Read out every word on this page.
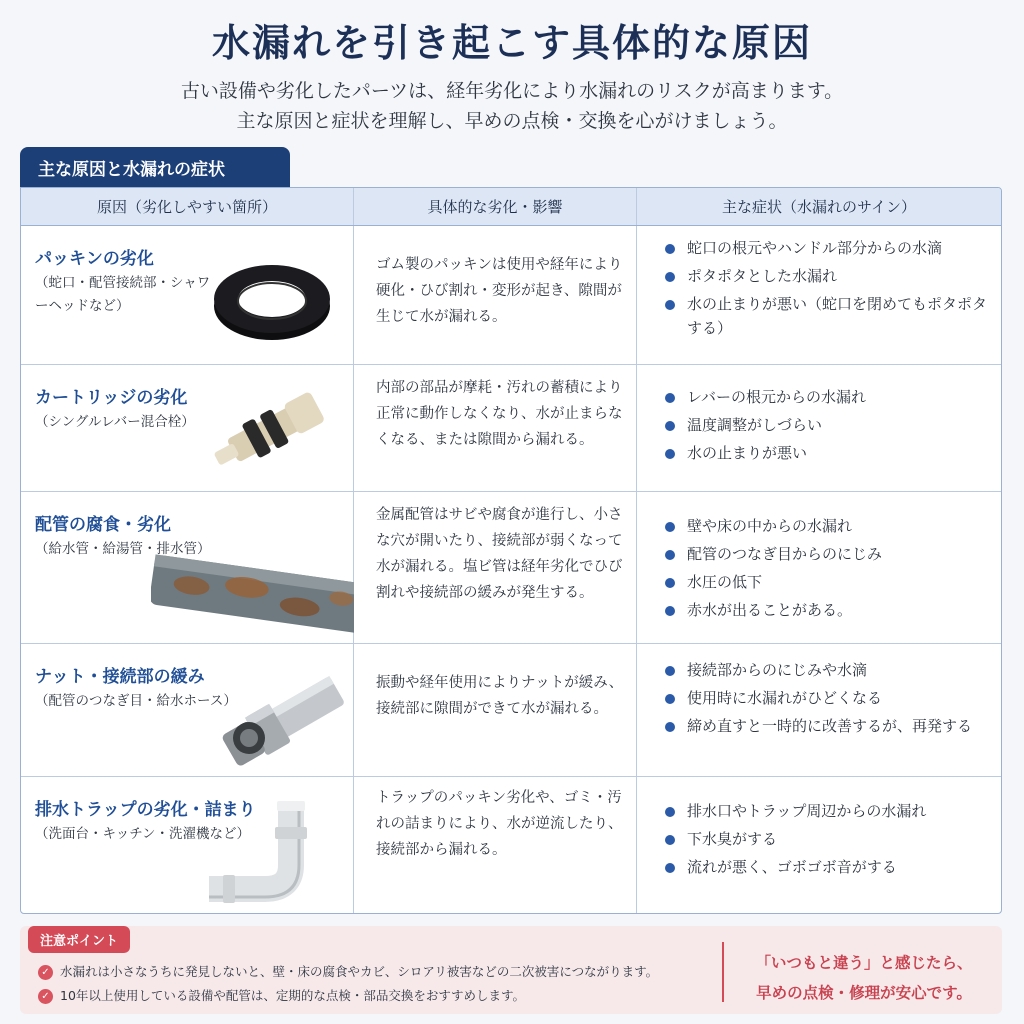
水漏れを引き起こす具体的な原因
古い設備や劣化したパーツは、経年劣化により水漏れのリスクが高まります。
主な原因と症状を理解し、早めの点検・交換を心がけましょう。
主な原因と水漏れの症状
原因（劣化しやすい箇所）	具体的な劣化・影響	主な症状（水漏れのサイン）
パッキンの劣化
（蛇口・配管接続部・シャワーヘッドなど）
ゴム製のパッキンは使用や経年により硬化・ひび割れ・変形が起き、隙間が生じて水が漏れる。
蛇口の根元やハンドル部分からの水滴
ポタポタとした水漏れ
水の止まりが悪い（蛇口を閉めてもポタポタする）
カートリッジの劣化
（シングルレバー混合栓）
内部の部品が摩耗・汚れの蓄積により正常に動作しなくなり、水が止まらなくなる、または隙間から漏れる。
レバーの根元からの水漏れ
温度調整がしづらい
水の止まりが悪い
配管の腐食・劣化
（給水管・給湯管・排水管）
金属配管はサビや腐食が進行し、小さな穴が開いたり、接続部が弱くなって水が漏れる。塩ビ管は経年劣化でひび割れや接続部の緩みが発生する。
壁や床の中からの水漏れ
配管のつなぎ目からのにじみ
水圧の低下
赤水が出ることがある。
ナット・接続部の緩み
（配管のつなぎ目・給水ホース）
振動や経年使用によりナットが緩み、接続部に隙間ができて水が漏れる。
接続部からのにじみや水滴
使用時に水漏れがひどくなる
締め直すと一時的に改善するが、再発する
排水トラップの劣化・詰まり
（洗面台・キッチン・洗濯機など）
トラップのパッキン劣化や、ゴミ・汚れの詰まりにより、水が逆流したり、接続部から漏れる。
排水口やトラップ周辺からの水漏れ
下水臭がする
流れが悪く、ゴボゴボ音がする
注意ポイント
✓ 水漏れは小さなうちに発見しないと、壁・床の腐食やカビ、シロアリ被害などの二次被害につながります。
✓ 10年以上使用している設備や配管は、定期的な点検・部品交換をおすすめします。
「いつもと違う」と感じたら、
早めの点検・修理が安心です。
